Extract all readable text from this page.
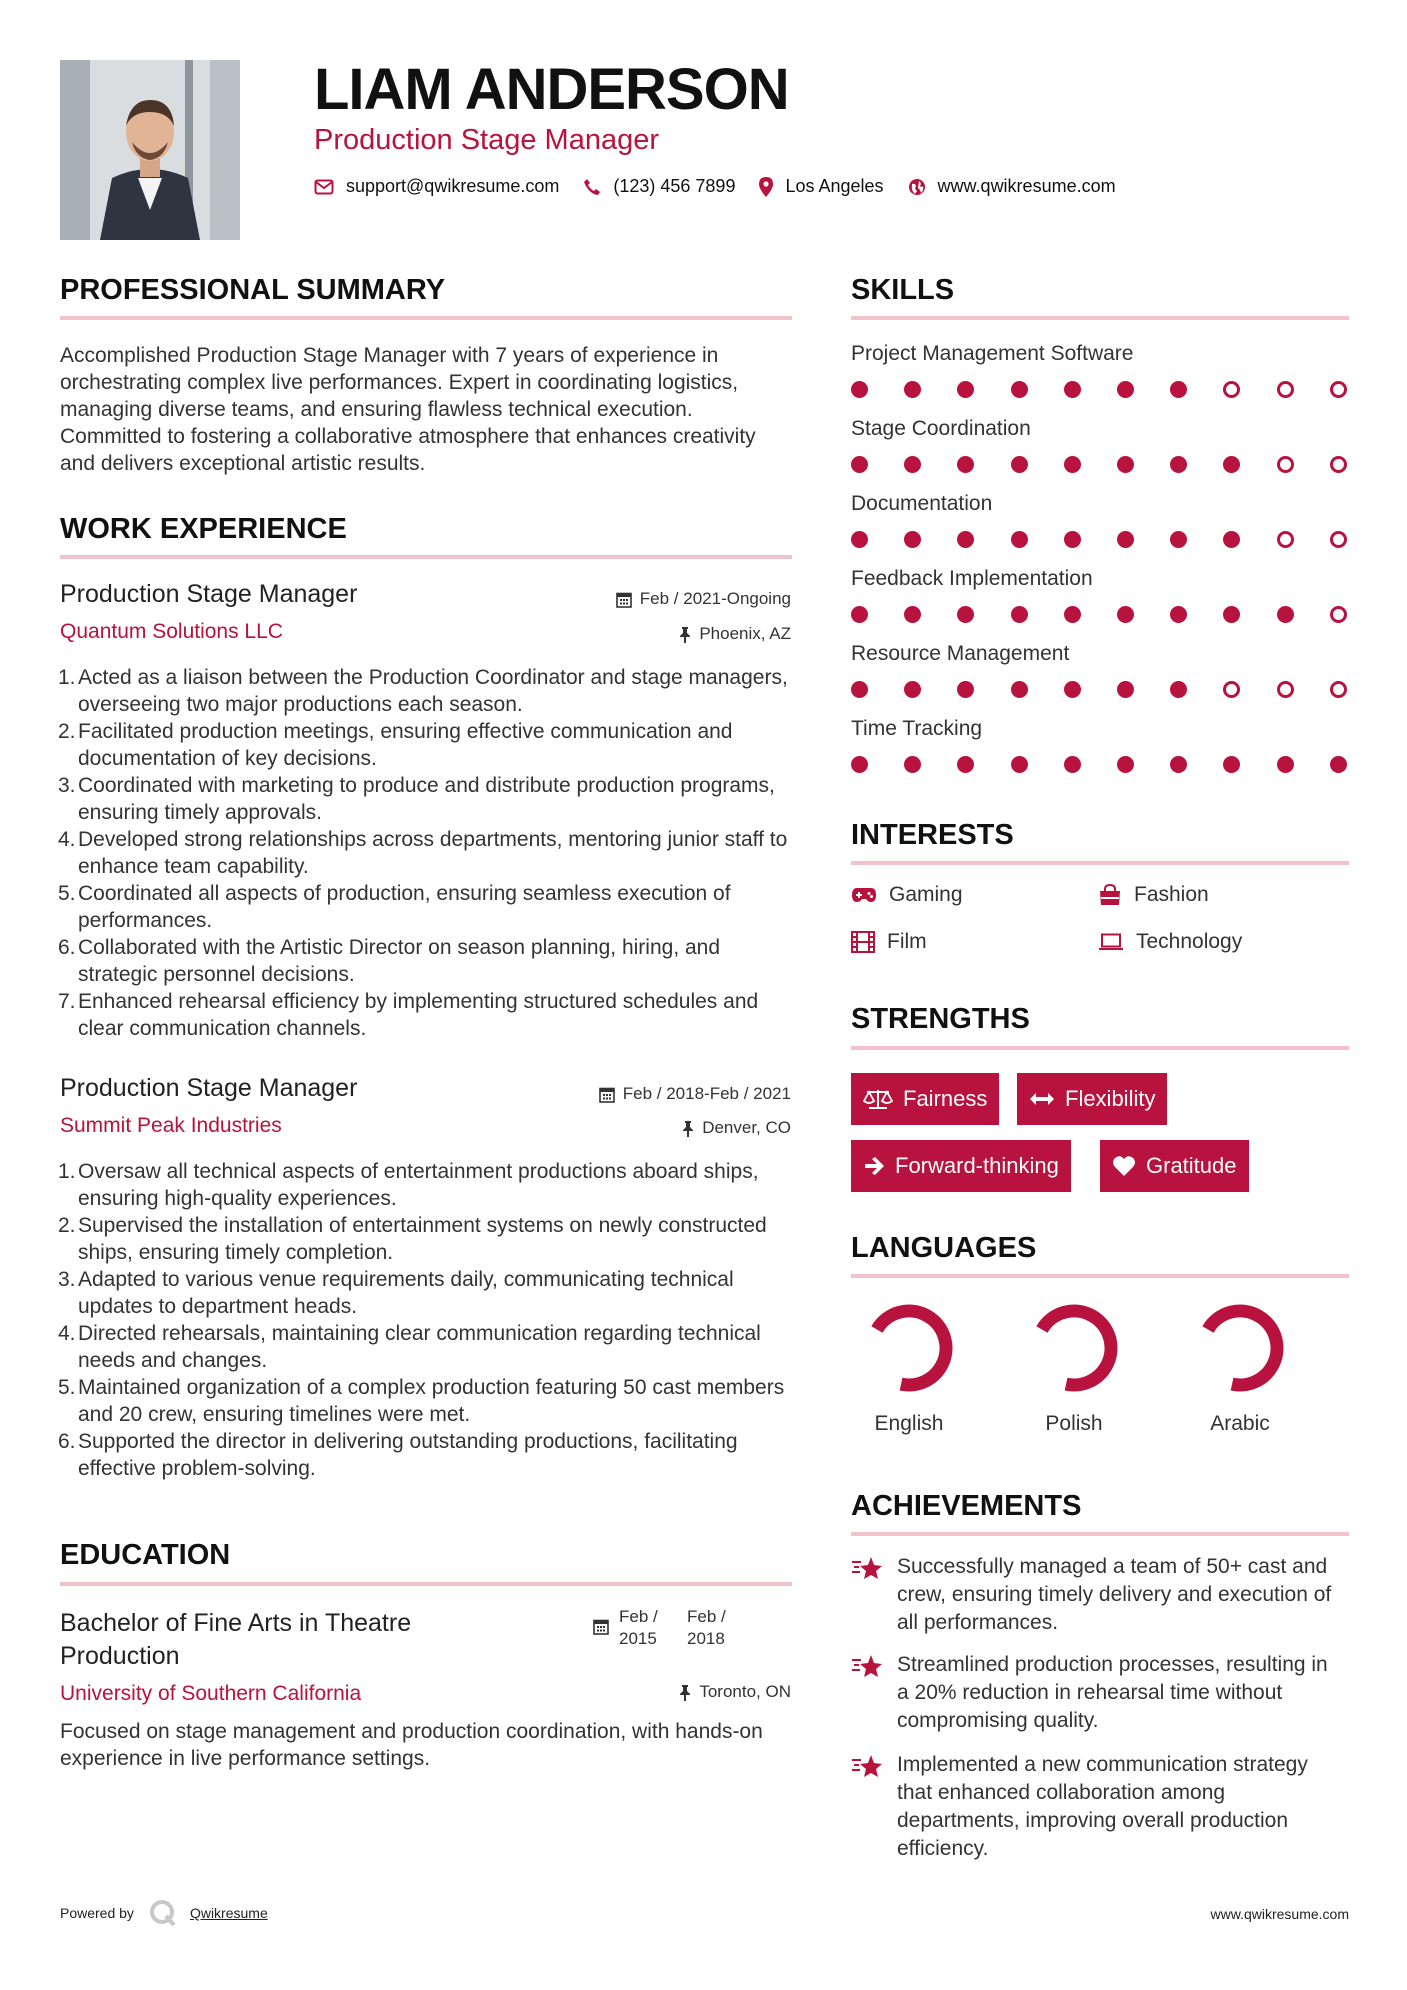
LIAM ANDERSON
Production Stage Manager
support@qwikresume.com	(123) 456 7899	Los Angeles	www.qwikresume.com
PROFESSIONAL SUMMARY
Accomplished Production Stage Manager with 7 years of experience in orchestrating complex live performances. Expert in coordinating logistics, managing diverse teams, and ensuring flawless technical execution. Committed to fostering a collaborative atmosphere that enhances creativity and delivers exceptional artistic results.
WORK EXPERIENCE
Production Stage Manager	Feb / 2021-Ongoing
Quantum Solutions LLC	Phoenix, AZ
1. Acted as a liaison between the Production Coordinator and stage managers, overseeing two major productions each season.
2. Facilitated production meetings, ensuring effective communication and documentation of key decisions.
3. Coordinated with marketing to produce and distribute production programs, ensuring timely approvals.
4. Developed strong relationships across departments, mentoring junior staff to enhance team capability.
5. Coordinated all aspects of production, ensuring seamless execution of performances.
6. Collaborated with the Artistic Director on season planning, hiring, and strategic personnel decisions.
7. Enhanced rehearsal efficiency by implementing structured schedules and clear communication channels.
Production Stage Manager	Feb / 2018-Feb / 2021
Summit Peak Industries	Denver, CO
1. Oversaw all technical aspects of entertainment productions aboard ships, ensuring high-quality experiences.
2. Supervised the installation of entertainment systems on newly constructed ships, ensuring timely completion.
3. Adapted to various venue requirements daily, communicating technical updates to department heads.
4. Directed rehearsals, maintaining clear communication regarding technical needs and changes.
5. Maintained organization of a complex production featuring 50 cast members and 20 crew, ensuring timelines were met.
6. Supported the director in delivering outstanding productions, facilitating effective problem-solving.
EDUCATION
Bachelor of Fine Arts in Theatre Production
Feb / 2015
Feb / 2018
University of Southern California	Toronto, ON
Focused on stage management and production coordination, with hands-on experience in live performance settings.
SKILLS
Project Management Software
Stage Coordination
Documentation
Feedback Implementation
Resource Management
Time Tracking
INTERESTS
Gaming	Fashion
Film	Technology
STRENGTHS
Fairness	Flexibility
Forward-thinking	Gratitude
LANGUAGES
English	Polish	Arabic
ACHIEVEMENTS
Successfully managed a team of 50+ cast and crew, ensuring timely delivery and execution of all performances.
Streamlined production processes, resulting in a 20% reduction in rehearsal time without compromising quality.
Implemented a new communication strategy that enhanced collaboration among departments, improving overall production efficiency.
Powered by	Qwikresume	www.qwikresume.com
